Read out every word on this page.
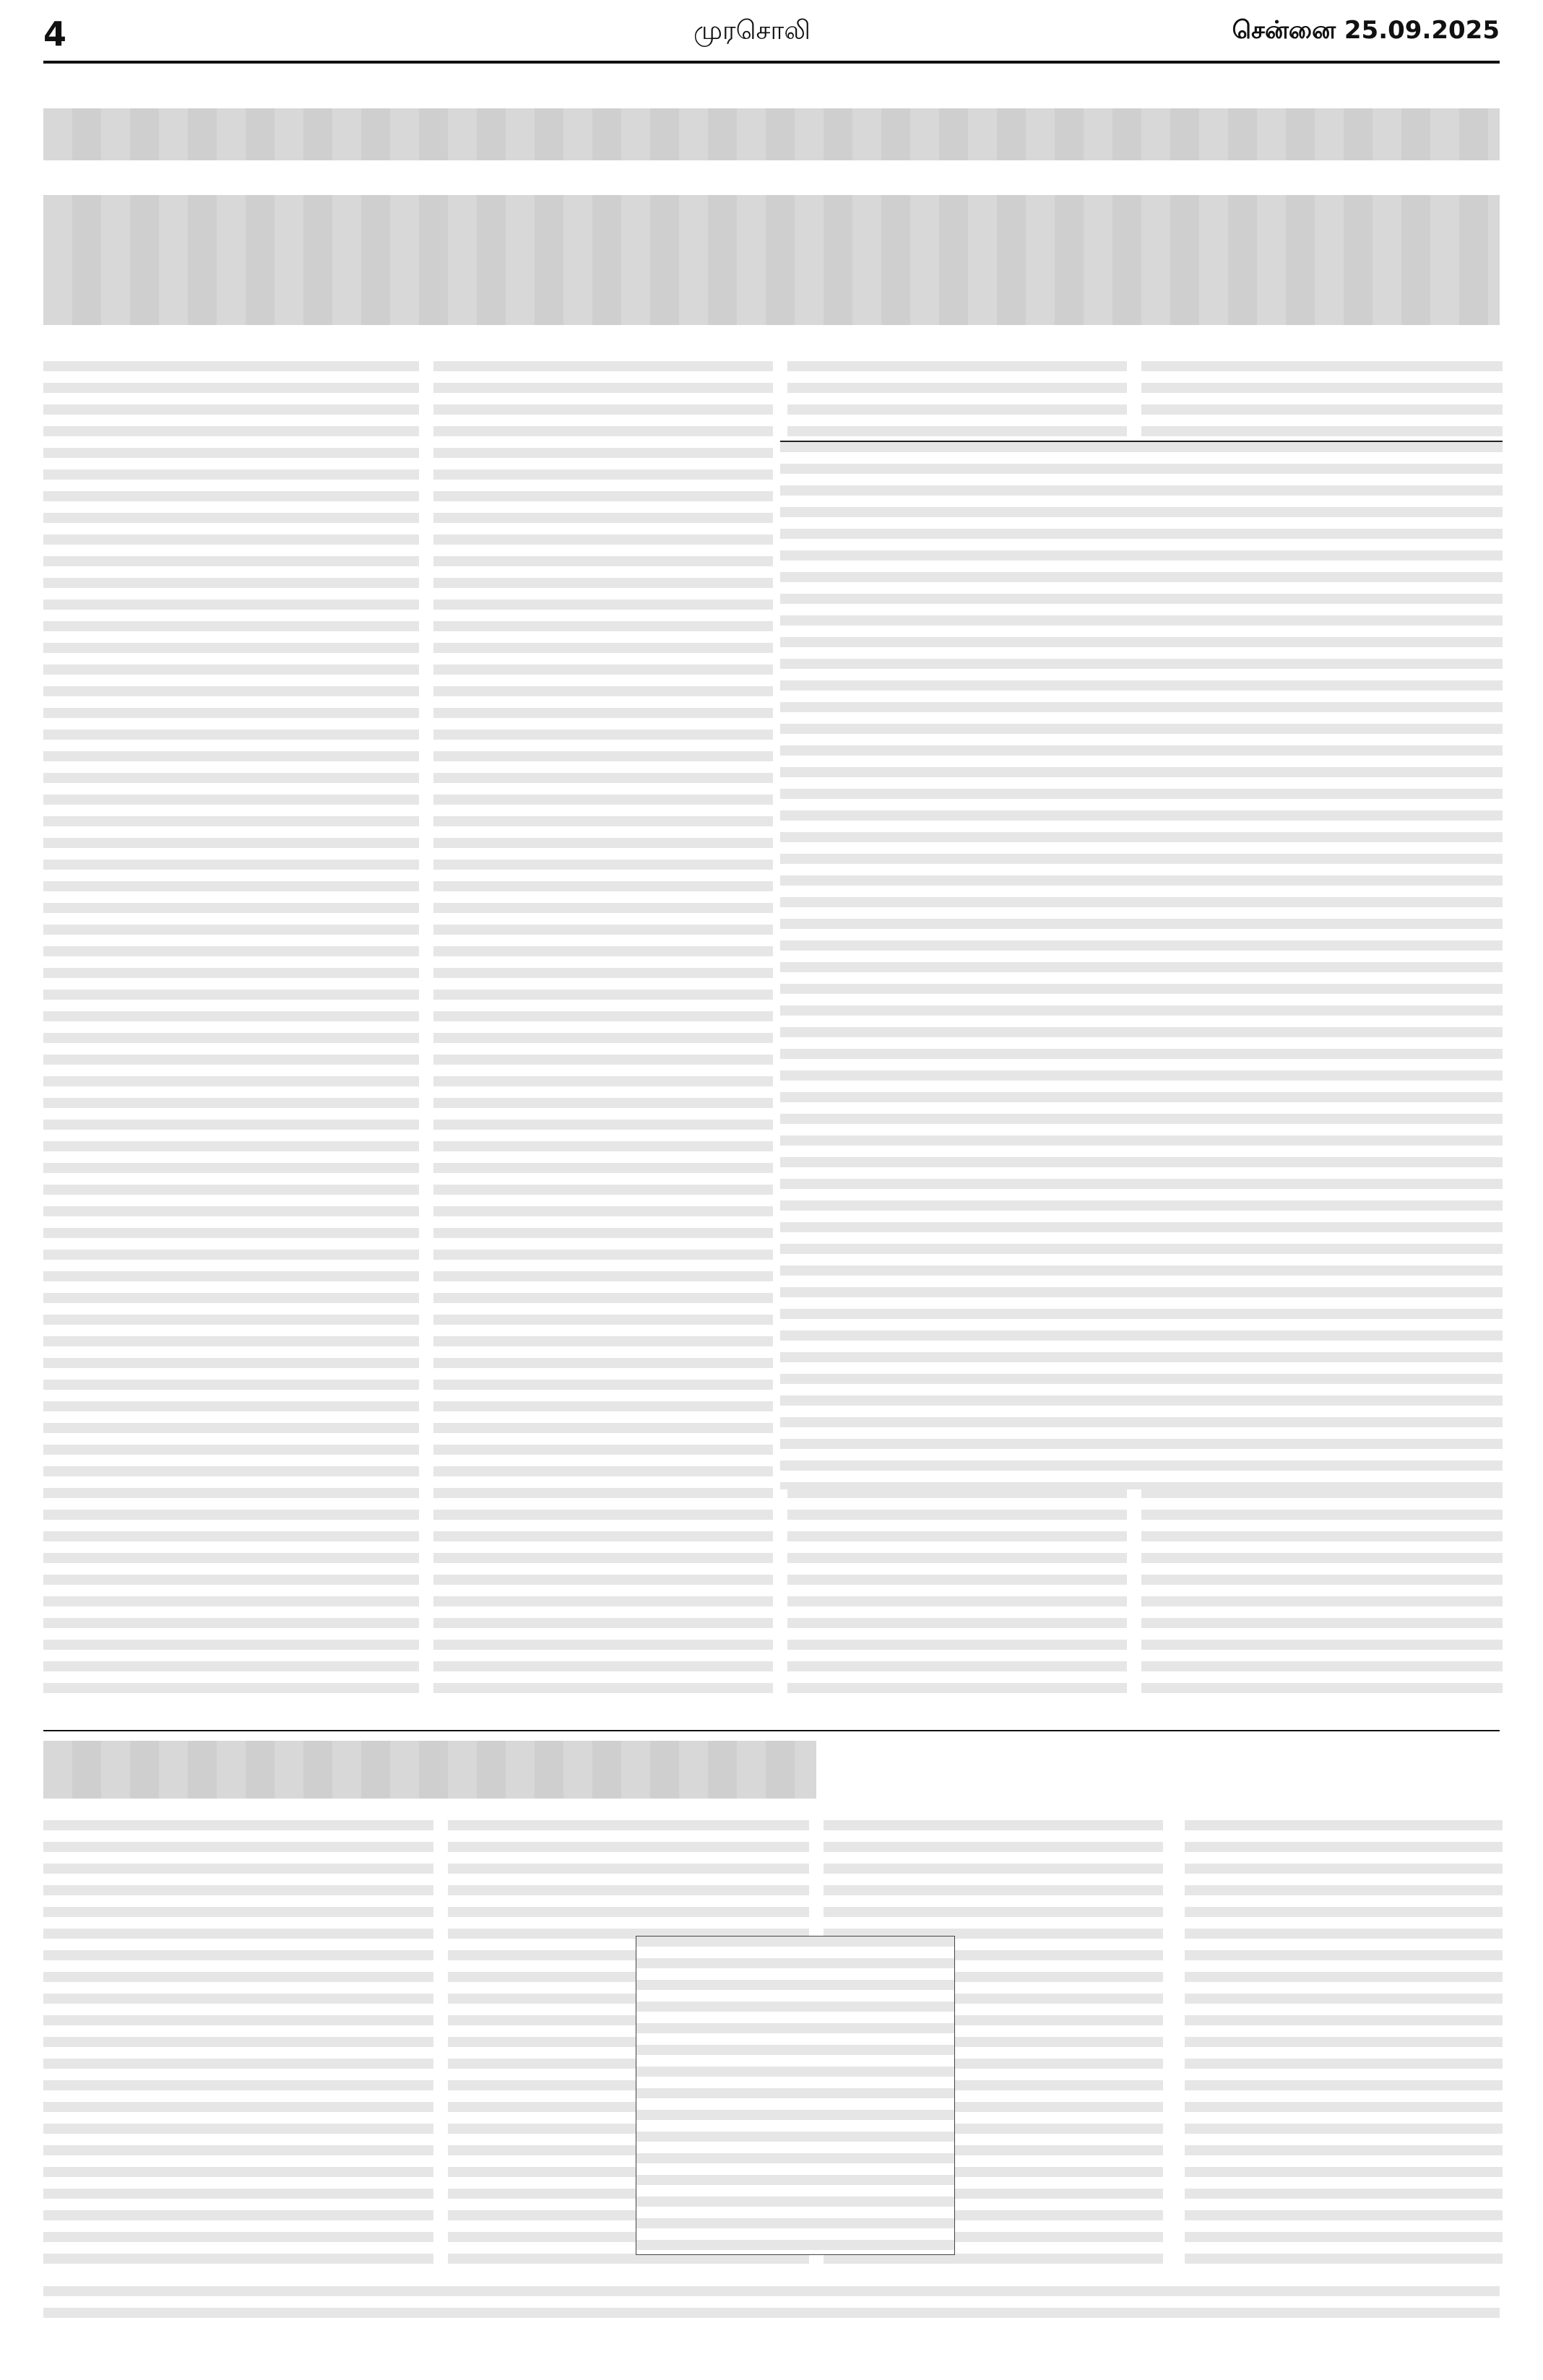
4	முரசொலி	சென்னை 25.09.2025
